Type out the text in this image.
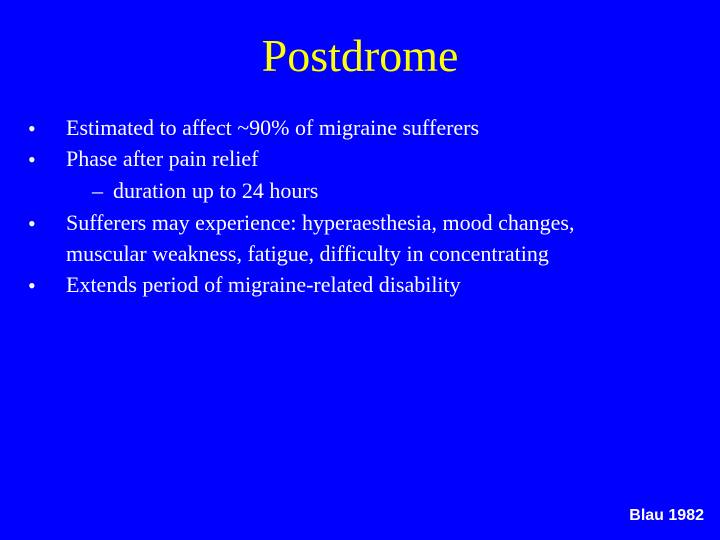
Postdrome
• Estimated to affect ~90% of migraine sufferers
• Phase after pain relief
– duration up to 24 hours
• Sufferers may experience: hyperaesthesia, mood changes,
muscular weakness, fatigue, difficulty in concentrating
• Extends period of migraine-related disability
Blau 1982
